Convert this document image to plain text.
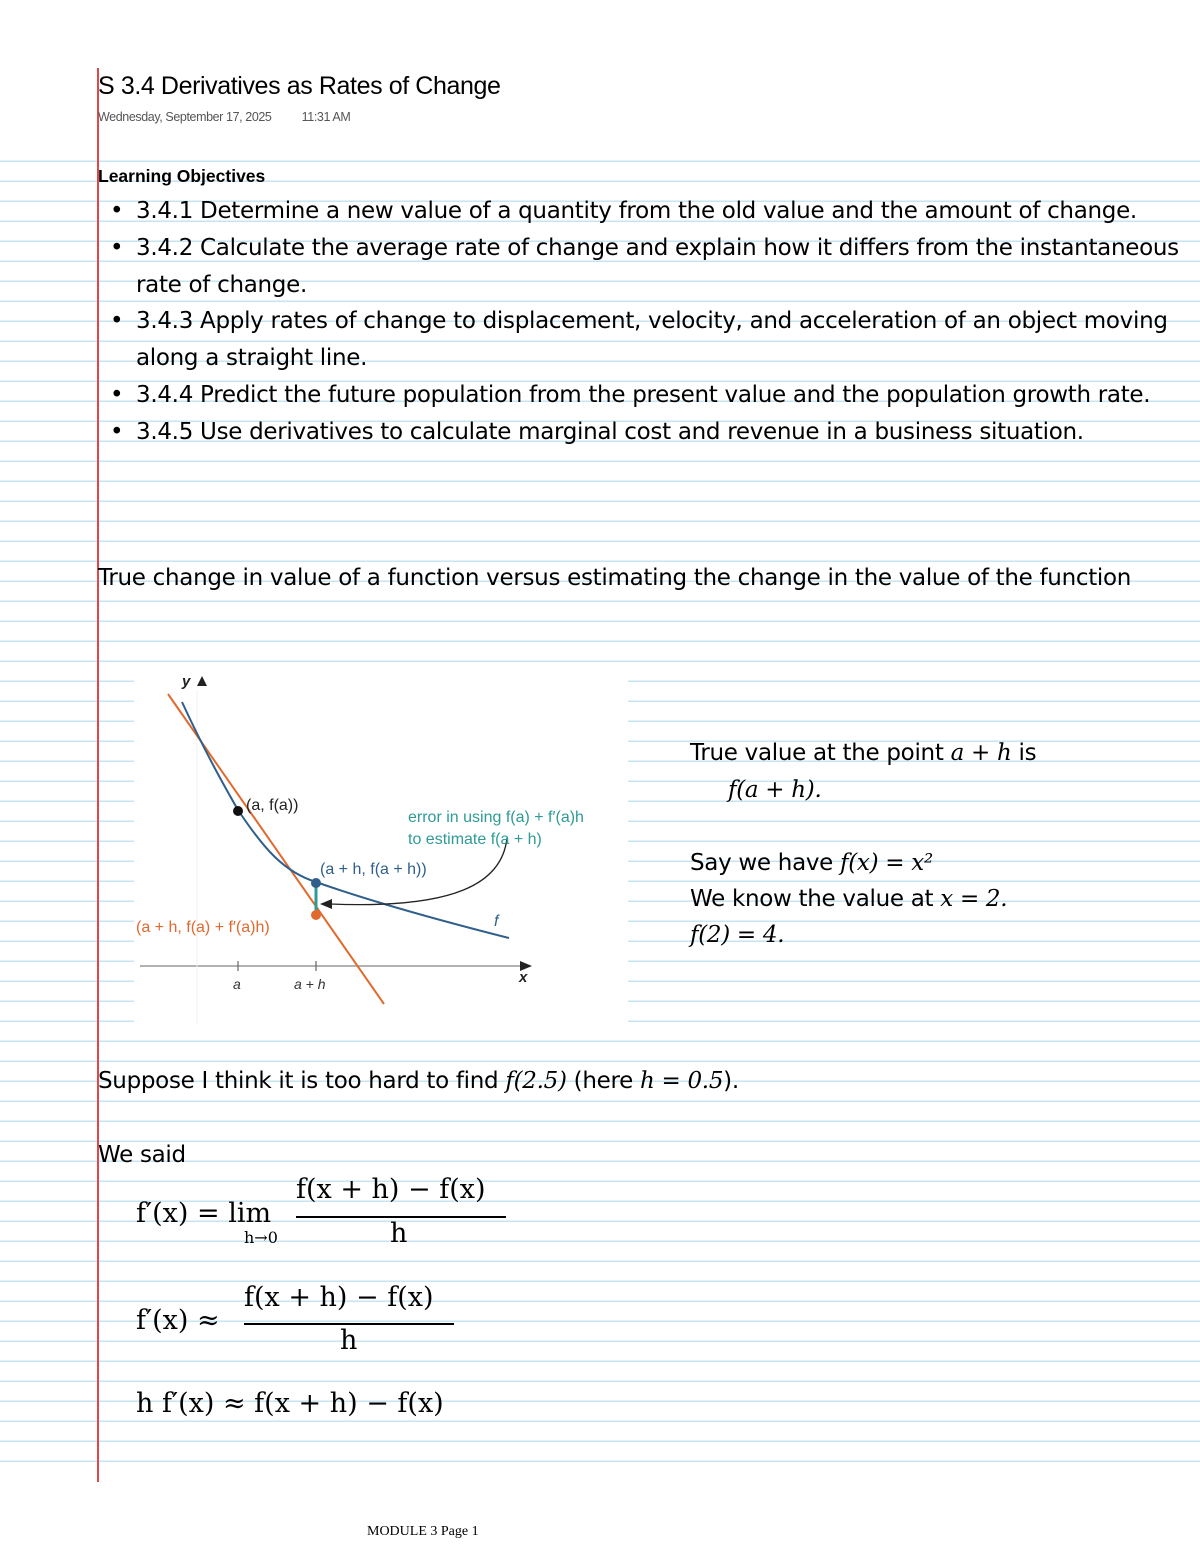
S 3.4 Derivatives as Rates of Change
Wednesday, September 17, 2025 11:31 AM
Learning Objectives
• 3.4.1 Determine a new value of a quantity from the old value and the amount of change.
• 3.4.2 Calculate the average rate of change and explain how it differs from the instantaneous rate of change.
• 3.4.3 Apply rates of change to displacement, velocity, and acceleration of an object moving along a straight line.
• 3.4.4 Predict the future population from the present value and the population growth rate.
• 3.4.5 Use derivatives to calculate marginal cost and revenue in a business situation.
True change in value of a function versus estimating the change in the value of the function
y
x
a	a + h
(a, f(a))
(a + h, f(a + h))
(a + h, f(a) + f′(a)h)
error in using f(a) + f′(a)h
to estimate f(a + h)
f
True value at the point a + h is
f(a + h).
Say we have f(x) = x²
We know the value at x = 2.
f(2) = 4.
Suppose I think it is too hard to find f(2.5) (here h = 0.5).
We said
f(x + h) − f(x)
h
f′(x) = lim
h→0
f(x + h) − f(x)
h
f′(x) ≈
h f′(x) ≈ f(x + h) − f(x)
MODULE 3 Page 1
